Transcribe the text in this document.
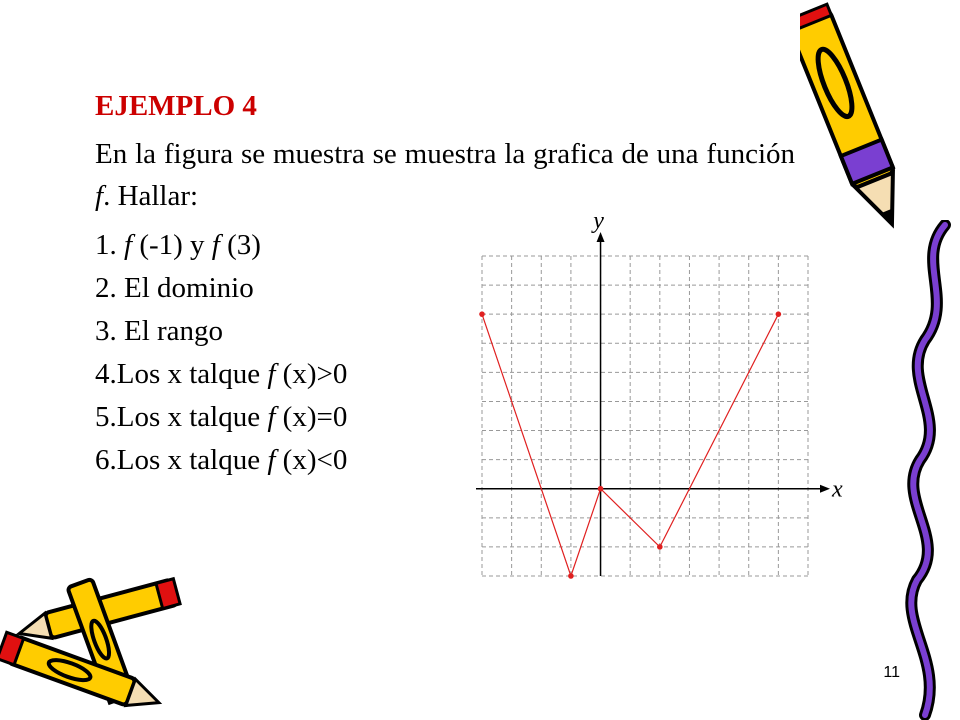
EJEMPLO 4
En la figura se muestra se muestra la grafica de una función f. Hallar:
1. f (-1) y f (3)
2. El dominio
3. El rango
4.Los x talque f (x)>0
5.Los x talque f (x)=0
6.Los x talque f (x)<0
x
y
11
